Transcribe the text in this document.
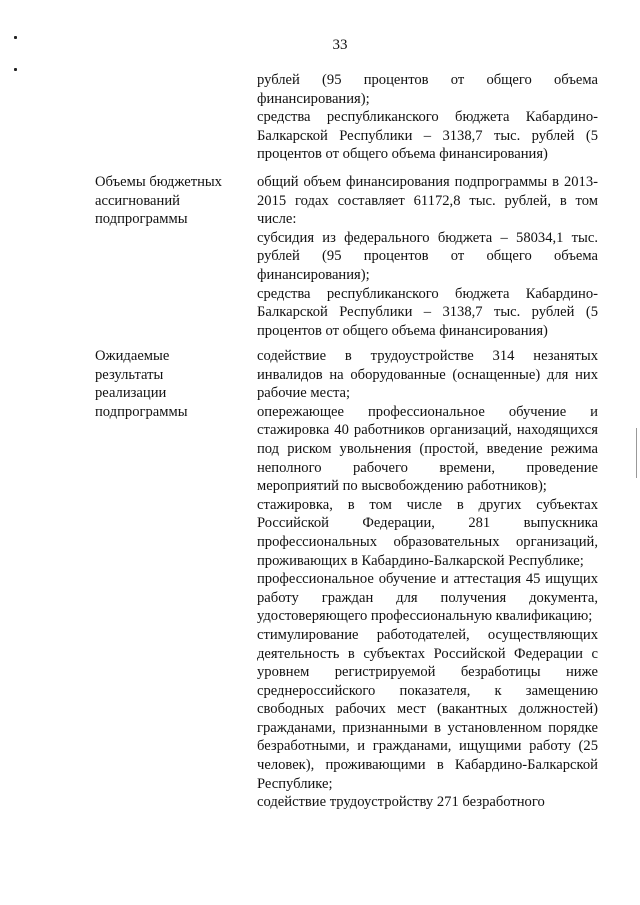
33
рублей (95 процентов от общего объема финансирования);
средства республиканского бюджета Кабардино-Балкарской Республики – 3138,7 тыс. рублей (5 процентов от общего объема финансирования)
Объемы бюджетных ассигнований подпрограммы
общий объем финансирования подпрограммы в 2013-2015 годах составляет 61172,8 тыс. рублей, в том числе:
субсидия из федерального бюджета – 58034,1 тыс. рублей (95 процентов от общего объема финансирования);
средства республиканского бюджета Кабардино-Балкарской Республики – 3138,7 тыс. рублей (5 процентов от общего объема финансирования)
Ожидаемые результаты реализации подпрограммы
содействие в трудоустройстве 314 незанятых инвалидов на оборудованные (оснащенные) для них рабочие места;
опережающее профессиональное обучение и стажировка 40 работников организаций, находящихся под риском увольнения (простой, введение режима неполного рабочего времени, проведение мероприятий по высвобождению работников);
стажировка, в том числе в других субъектах Российской Федерации, 281 выпускника профессиональных образовательных организаций, проживающих в Кабардино-Балкарской Республике;
профессиональное обучение и аттестация 45 ищущих работу граждан для получения документа, удостоверяющего профессиональную квалификацию;
стимулирование работодателей, осуществляющих деятельность в субъектах Российской Федерации с уровнем регистрируемой безработицы ниже среднероссийского показателя, к замещению свободных рабочих мест (вакантных должностей) гражданами, признанными в установленном порядке безработными, и гражданами, ищущими работу (25 человек), проживающими в Кабардино-Балкарской Республике;
содействие трудоустройству 271 безработного
